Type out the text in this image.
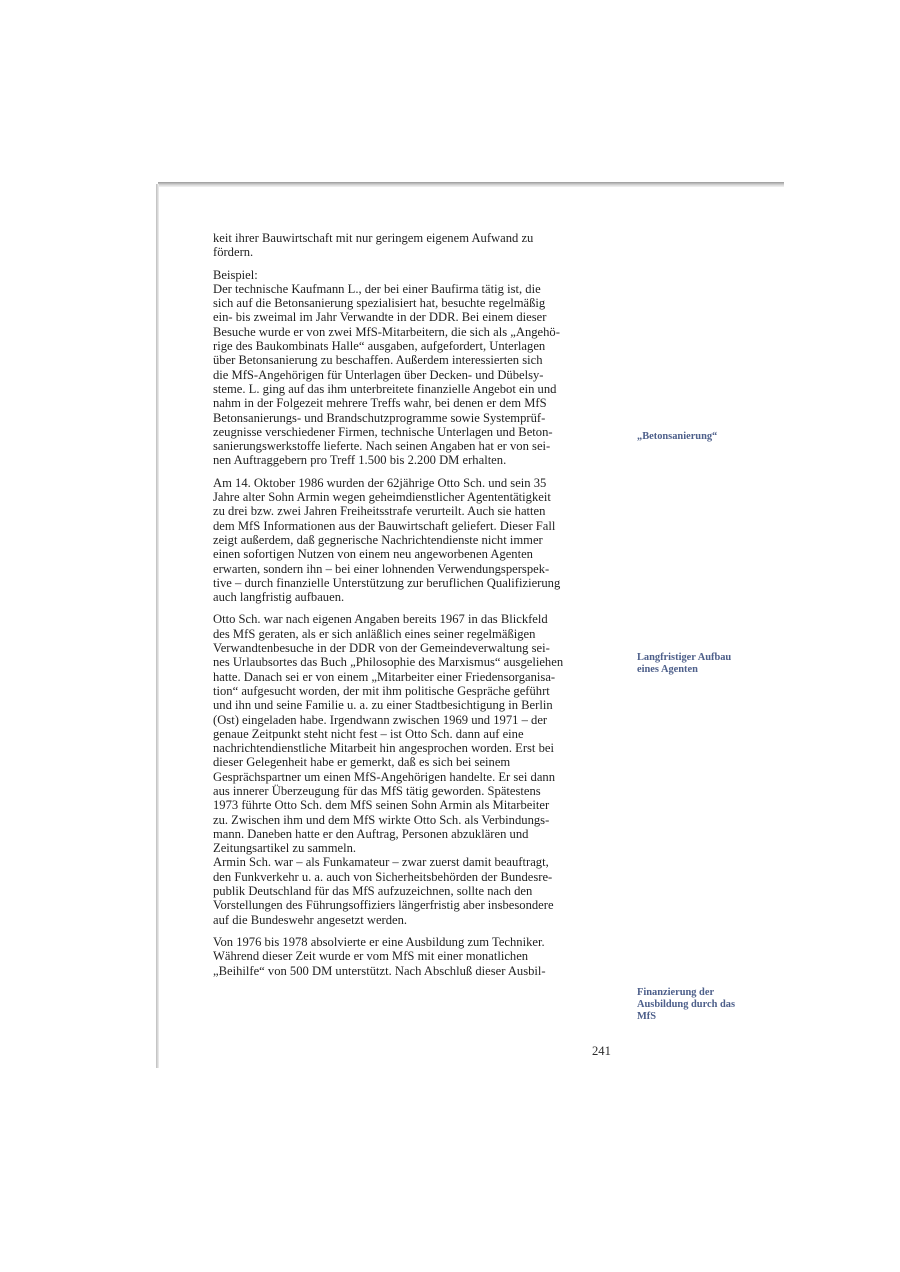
keit ihrer Bauwirtschaft mit nur geringem eigenem Aufwand zu
fördern.

Beispiel:
Der technische Kaufmann L., der bei einer Baufirma tätig ist, die
sich auf die Betonsanierung spezialisiert hat, besuchte regelmäßig
ein- bis zweimal im Jahr Verwandte in der DDR. Bei einem dieser
Besuche wurde er von zwei MfS-Mitarbeitern, die sich als „Angehö-
rige des Baukombinats Halle“ ausgaben, aufgefordert, Unterlagen
über Betonsanierung zu beschaffen. Außerdem interessierten sich
die MfS-Angehörigen für Unterlagen über Decken- und Dübelsy-
steme. L. ging auf das ihm unterbreitete finanzielle Angebot ein und
nahm in der Folgezeit mehrere Treffs wahr, bei denen er dem MfS
Betonsanierungs- und Brandschutzprogramme sowie Systemprüf-
zeugnisse verschiedener Firmen, technische Unterlagen und Beton-
sanierungswerkstoffe lieferte. Nach seinen Angaben hat er von sei-
nen Auftraggebern pro Treff 1.500 bis 2.200 DM erhalten.

Am 14. Oktober 1986 wurden der 62jährige Otto Sch. und sein 35
Jahre alter Sohn Armin wegen geheimdienstlicher Agententätigkeit
zu drei bzw. zwei Jahren Freiheitsstrafe verurteilt. Auch sie hatten
dem MfS Informationen aus der Bauwirtschaft geliefert. Dieser Fall
zeigt außerdem, daß gegnerische Nachrichtendienste nicht immer
einen sofortigen Nutzen von einem neu angeworbenen Agenten
erwarten, sondern ihn – bei einer lohnenden Verwendungsperspek-
tive – durch finanzielle Unterstützung zur beruflichen Qualifizierung
auch langfristig aufbauen.

Otto Sch. war nach eigenen Angaben bereits 1967 in das Blickfeld
des MfS geraten, als er sich anläßlich eines seiner regelmäßigen
Verwandtenbesuche in der DDR von der Gemeindeverwaltung sei-
nes Urlaubsortes das Buch „Philosophie des Marxismus“ ausgeliehen
hatte. Danach sei er von einem „Mitarbeiter einer Friedensorganisa-
tion“ aufgesucht worden, der mit ihm politische Gespräche geführt
und ihn und seine Familie u. a. zu einer Stadtbesichtigung in Berlin
(Ost) eingeladen habe. Irgendwann zwischen 1969 und 1971 – der
genaue Zeitpunkt steht nicht fest – ist Otto Sch. dann auf eine
nachrichtendienstliche Mitarbeit hin angesprochen worden. Erst bei
dieser Gelegenheit habe er gemerkt, daß es sich bei seinem
Gesprächspartner um einen MfS-Angehörigen handelte. Er sei dann
aus innerer Überzeugung für das MfS tätig geworden. Spätestens
1973 führte Otto Sch. dem MfS seinen Sohn Armin als Mitarbeiter
zu. Zwischen ihm und dem MfS wirkte Otto Sch. als Verbindungs-
mann. Daneben hatte er den Auftrag, Personen abzuklären und
Zeitungsartikel zu sammeln.
Armin Sch. war – als Funkamateur – zwar zuerst damit beauftragt,
den Funkverkehr u. a. auch von Sicherheitsbehörden der Bundesre-
publik Deutschland für das MfS aufzuzeichnen, sollte nach den
Vorstellungen des Führungsoffiziers längerfristig aber insbesondere
auf die Bundeswehr angesetzt werden.

Von 1976 bis 1978 absolvierte er eine Ausbildung zum Techniker.
Während dieser Zeit wurde er vom MfS mit einer monatlichen
„Beihilfe“ von 500 DM unterstützt. Nach Abschluß dieser Ausbil-

„Betonsanierung“
Langfristiger Aufbau
eines Agenten
Finanzierung der
Ausbildung durch das
MfS
241
